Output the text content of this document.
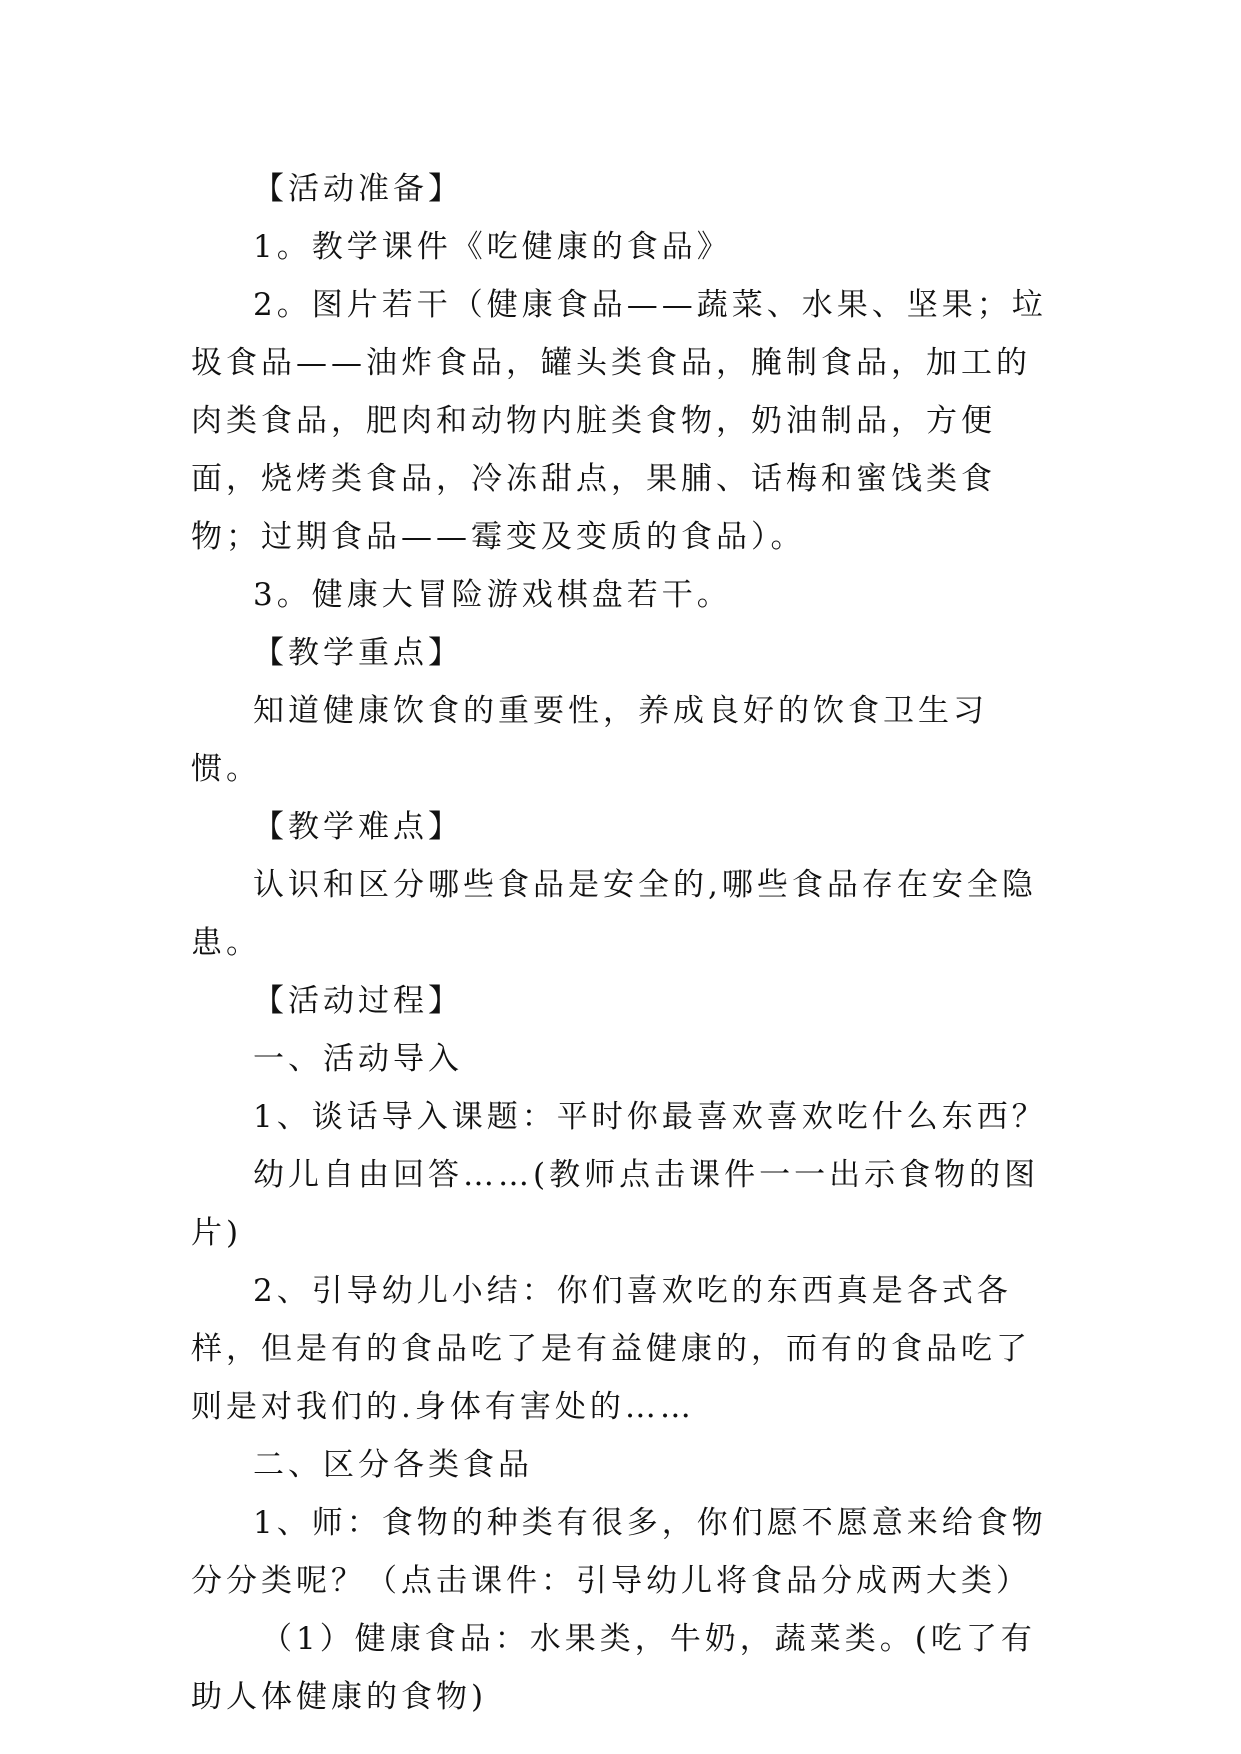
【活动准备】

1。教学课件《吃健康的食品》

2。图片若干（健康食品——蔬菜、水果、坚果；垃圾食品——油炸食品，罐头类食品，腌制食品，加工的肉类食品，肥肉和动物内脏类食物，奶油制品，方便面，烧烤类食品，冷冻甜点，果脯、话梅和蜜饯类食物；过期食品——霉变及变质的食品）。

3。健康大冒险游戏棋盘若干。

【教学重点】

知道健康饮食的重要性，养成良好的饮食卫生习惯。

【教学难点】

认识和区分哪些食品是安全的,哪些食品存在安全隐患。

【活动过程】

一、活动导入

1、谈话导入课题：平时你最喜欢喜欢吃什么东西？

幼儿自由回答……(教师点击课件一一出示食物的图片)

2、引导幼儿小结：你们喜欢吃的东西真是各式各样，但是有的食品吃了是有益健康的，而有的食品吃了则是对我们的.身体有害处的……

二、区分各类食品

1、师：食物的种类有很多，你们愿不愿意来给食物分分类呢？（点击课件：引导幼儿将食品分成两大类）

（1）健康食品：水果类，牛奶，蔬菜类。(吃了有助人体健康的食物)
